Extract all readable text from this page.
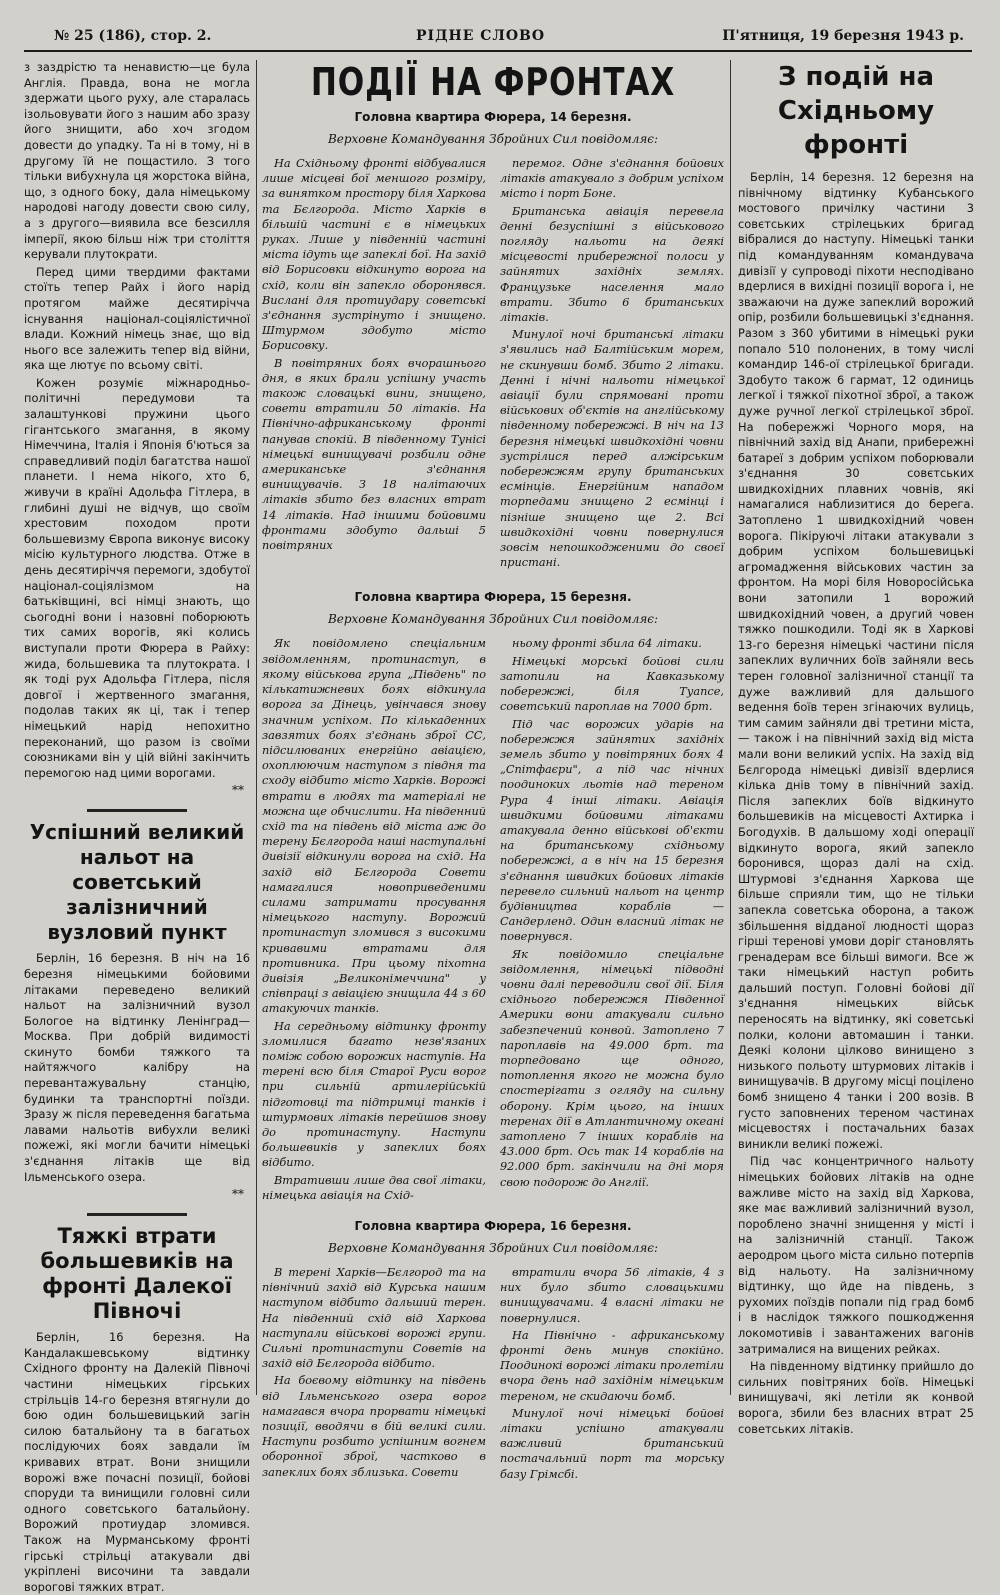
№ 25 (186), стор. 2.	РІДНЕ СЛОВО	П'ятниця, 19 березня 1943 р.

з заздрістю та ненавистю—це була Англія. Правда, вона не могла здержати цього руху, але старалась ізольовувати його з нашим або зразу його знищити, або хоч згодом довести до упадку. Та ні в тому, ні в другому їй не пощастило. З того тільки вибухнула ця жорстока війна, що, з одного боку, дала німецькому народові нагоду довести свою силу, а з другого—виявила все безсилля імперії, якою більш ніж три століття керували плутократи.

Перед цими твердими фактами стоїть тепер Райх і його нарід протягом майже десятирічча існування націонал-соціялістичної влади. Кожний німець знає, що від нього все залежить тепер від війни, яка ще лютує по всьому світі.

Кожен розуміє міжнародньо-політичні передумови та залаштункові пружини цього гігантського змагання, в якому Німеччина, Італія і Японія б'ються за справедливий поділ багатства нашої планети. І нема нікого, хто б, живучи в країні Адольфа Гітлера, в глибині душі не відчув, що своїм хрестовим походом проти большевизму Європа виконує високу місію культурного людства. Отже в день десятиріччя перемоги, здобутої націонал-соціялізмом на батьківщині, всі німці знають, що сьогодні вони і назовні поборюють тих самих ворогів, які колись виступали проти Фюрера в Райху: жида, большевика та плутократа. І як тоді рух Адольфа Гітлера, після довгої і жертвенного змагання, подолав таких як ці, так і тепер німецький нарід непохитно переконаний, що разом із своїми союзниками він у цій війні закінчить перемогою над цими ворогами.

**
Успішний великий нальот на советський залізничний вузловий пункт

Берлін, 16 березня. В ніч на 16 березня німецькими бойовими літаками переведено великий нальот на залізничний вузол Бологое на відтинку Ленінград—Москва. При добрій видимості скинуто бомби тяжкого та найтяжчого калібру на перевантажувальну станцію, будинки та транспортні поїзди. Зразу ж після переведення багатьма лавами нальотів вибухли великі пожежі, які могли бачити німецькі з'єднання літаків ще від Ільменського озера.

**
Тяжкі втрати большевиків на фронті Далекої Півночі

Берлін, 16 березня. На Кандалакшевському відтинку Східного фронту на Далекій Півночі частини німецьких гірських стрільців 14-го березня втягнули до бою один большевицький загін силою батальйону та в багатьох послідуючих боях завдали їм кривавих втрат. Вони знищили ворожі вже почасні позиції, бойові споруди та винищили головні сили одного совєтського батальйону. Ворожий протиудар зломився. Також на Мурманському фронті гірські стрільці атакували дві укріплені височини та завдали ворогові тяжких втрат.

ПОДІЇ НА ФРОНТАХ
Головна квартира Фюрера, 14 березня.
Верховне Командування Збройних Сил повідомляє:

На Східньому фронті відбувалися лише місцеві бої меншого розміру, за винятком простору біля Харкова та Бєлгорода. Місто Харків в більшій частині є в німецьких руках. Лише у південній частині міста ідуть ще запеклі бої. На захід від Борисовки відкинуто ворога на схід, коли він запекло оборонявся. Вислані для протиудару советські з'єднання зустрінуто і знищено. Штурмом здобуто місто Борисовку.

В повітряних боях вчорашнього дня, в яких брали успішну участь також словацькі вини, знищено, совети втратили 50 літаків. На Північно-африканському фронті панував спокій. В південному Тунісі німецькі винищувачі розбили одне американське з'єднання винищувачів. З 18 налітаючих літаків збито без власних втрат 14 літаків. Над іншими бойовими фронтами здобуто дальші 5 повітряних

перемог. Одне з'єднання бойових літаків атакувало з добрим успіхом місто і порт Боне.

Британська авіація перевела денні безуспішні з військового погляду нальоти на деякі місцевості прибережної полоси у зайнятих західніх землях. Французьке населення мало втрати. Збито 6 британських літаків.

Минулої ночі британські літаки з'явились над Балтійським морем, не скинувши бомб. Збито 2 літаки. Денні і нічні нальоти німецької авіації були спрямовані проти військових об'єктів на англійському південному побережжі. В ніч на 13 березня німецькі швидкохідні човни зустрілися перед алжірським побережжям групу британських есмінців. Енергійним нападом торпедами знищено 2 есмінці і пізніше знищено ще 2. Всі швидкохідні човни повернулися зовсім непошкодженими до своєї пристані.

Головна квартира Фюрера, 15 березня.
Верховне Командування Збройних Сил повідомляє:

Як повідомлено спеціальним звідомленням, протинаступ, в якому військова група „Південь" по кількатижневих боях відкинула ворога за Дінець, увінчався знову значним успіхом. По кількаденних завзятих боях з'єднань зброї СС, підсилюваних енергійно авіацією, охоплюючим наступом з півдня та сходу відбито місто Харків. Ворожі втрати в людях та матеріалі не можна ще обчислити. На південний схід та на південь від міста аж до терену Бєлгорода наші наступальні дивізії відкинули ворога на схід. На захід від Бєлгорода Совети намагалися новоприведеними силами затримати просування німецького наступу. Ворожий протинаступ зломився з високими кривавими втратами для противника. При цьому піхотна дивізія „Великонімеччина" у співпраці з авіацією знищила 44 з 60 атакуючих танків.

На середньому відтинку фронту зломилися багато незв'язаних поміж собою ворожих наступів. На терені всю біля Старої Руси ворог при сильній артилерійській підготовці та підтримці танків і штурмових літаків перейшов знову до протинаступу. Наступи большевиків у запеклих боях відбито.

Втративши лише два свої літаки, німецька авіація на Схід-

ньому фронті збила 64 літаки.

Німецькі морські бойові сили затопили на Кавказькому побережжі, біля Туапсе, советський пароплав на 7000 брт.

Під час ворожих ударів на побережжя зайнятих західніх земель збито у повітряних боях 4 „Спітфаєри", а під час нічних поодиноких льотів над тереном Рура 4 інші літаки. Авіація швидкими бойовими літаками атакувала денно військові об'єкти на британському східньому побережжі, а в ніч на 15 березня з'єднання швидких бойових літаків перевело сильний нальот на центр будівництва кораблів — Сандерленд. Один власний літак не повернувся.

Як повідомило спеціальне звідомлення, німецькі підводні човни далі переводили свої дії. Біля східнього побережжя Південної Америки вони атакували сильно забезпечений конвой. Затоплено 7 пароплавів на 49.000 брт. та торпедовано ще одного, потоплення якого не можна було спостерігати з огляду на сильну оборону. Крім цього, на інших теренах дії в Атлантичному океані затоплено 7 інших кораблів на 43.000 брт. Ось так 14 кораблів на 92.000 брт. закінчили на дні моря свою подорож до Англії.

Головна квартира Фюрера, 16 березня.
Верховне Командування Збройних Сил повідомляє:

В терені Харків—Бєлгород та на північний захід від Курська нашим наступом відбито дальший терен. На південний схід від Харкова наступали військові ворожі групи. Сильні протинаступи Советів на захід від Бєлгорода відбито.

На боєвому відтинку на південь від Ільменського озера ворог намагався вчора прорвати німецькі позиції, вводячи в бій великі сили. Наступи розбито успішним вогнем оборонної зброї, частково в запеклих боях зблизька. Совети

втратили вчора 56 літаків, 4 з них було збито словацькими винищувачами. 4 власні літаки не повернулися.

На Північно - африканському фронті день минув спокійно. Поодинокі ворожі літаки пролетіли вчора день над західнім німецьким тереном, не скидаючи бомб.

Минулої ночі німецькі бойові літаки успішно атакували важливий британський постачальний порт та морську базу Грімсбі.

З подій на Східньому фронті

Берлін, 14 березня. 12 березня на північному відтинку Кубанського мостового причілку частини 3 совєтських стрілецьких бригад вібралися до наступу. Німецькі танки під командуванням командувача дивізії у супроводі піхоти несподівано вдерлися в вихідні позиції ворога і, не зважаючи на дуже запеклий ворожий опір, розбили большевицькі з'єднання. Разом з 360 убитими в німецькі руки попало 510 полонених, в тому числі командир 146-ої стрілецької бригади. Здобуто також 6 гармат, 12 одиниць легкої і тяжкої піхотної зброї, а також дуже ручної легкої стрілецької зброї. На побережжі Чорного моря, на північний захід від Анапи, прибережні батареї з добрим успіхом поборювали з'єднання 30 совєтських швидкохідних плавних човнів, які намагалися наблизитися до берега. Затоплено 1 швидкохідний човен ворога. Пікіруючі літаки атакували з добрим успіхом большевицькі агромадження військових частин за фронтом. На морі біля Новоросійська вони затопили 1 ворожий швидкохідний човен, а другий човен тяжко пошкодили. Тоді як в Харкові 13-го березня німецькі частини після запеклих вуличних боїв зайняли весь терен головної залізничної станції та дуже важливий для дальшого ведення боїв терен згінаючих вулиць, тим самим зайняли дві третини міста, — також і на північний захід від міста мали вони великий успіх. На захід від Бєлгорода німецькі дивізії вдерлися кілька днів тому в північний захід. Після запеклих боїв відкинуто большевиків на місцевості Ахтирка і Богодухів. В дальшому ході операції відкинуто ворога, який запекло боронився, щораз далі на схід. Штурмові з'єднання Харкова ще більше сприяли тим, що не тільки запекла советська оборона, а також збільшення відданої людності щораз гірші теренові умови доріг становлять гренадерам все більші вимоги. Все ж таки німецький наступ робить дальший поступ. Головні бойові дії з'єднання німецьких військ переносять на відтинку, які советські полки, колони автомашин і танки. Деякі колони цілково винищено з низького польоту штурмових літаків і винищувачів. В другому місці поцілено бомб знищено 4 танки і 200 возів. В густо заповнених тереном частинах місцевостях і постачальних базах виникли великі пожежі.

Під час концентричного нальоту німецьких бойових літаків на одне важливе місто на захід від Харкова, яке має важливий залізничний вузол, пороблено значні знищення у місті і на залізничній станції. Також аеродром цього міста сильно потерпів від нальоту. На залізничному відтинку, що йде на південь, з рухомих поїздів попали під град бомб і в наслідок тяжкого пошкодження локомотивів і завантажених вагонів затрималися на вищених рейках.

На південному відтинку прийшло до сильних повітряних боїв. Німецькі винищувачі, які летіли як конвой ворога, збили без власних втрат 25 советських літаків.
